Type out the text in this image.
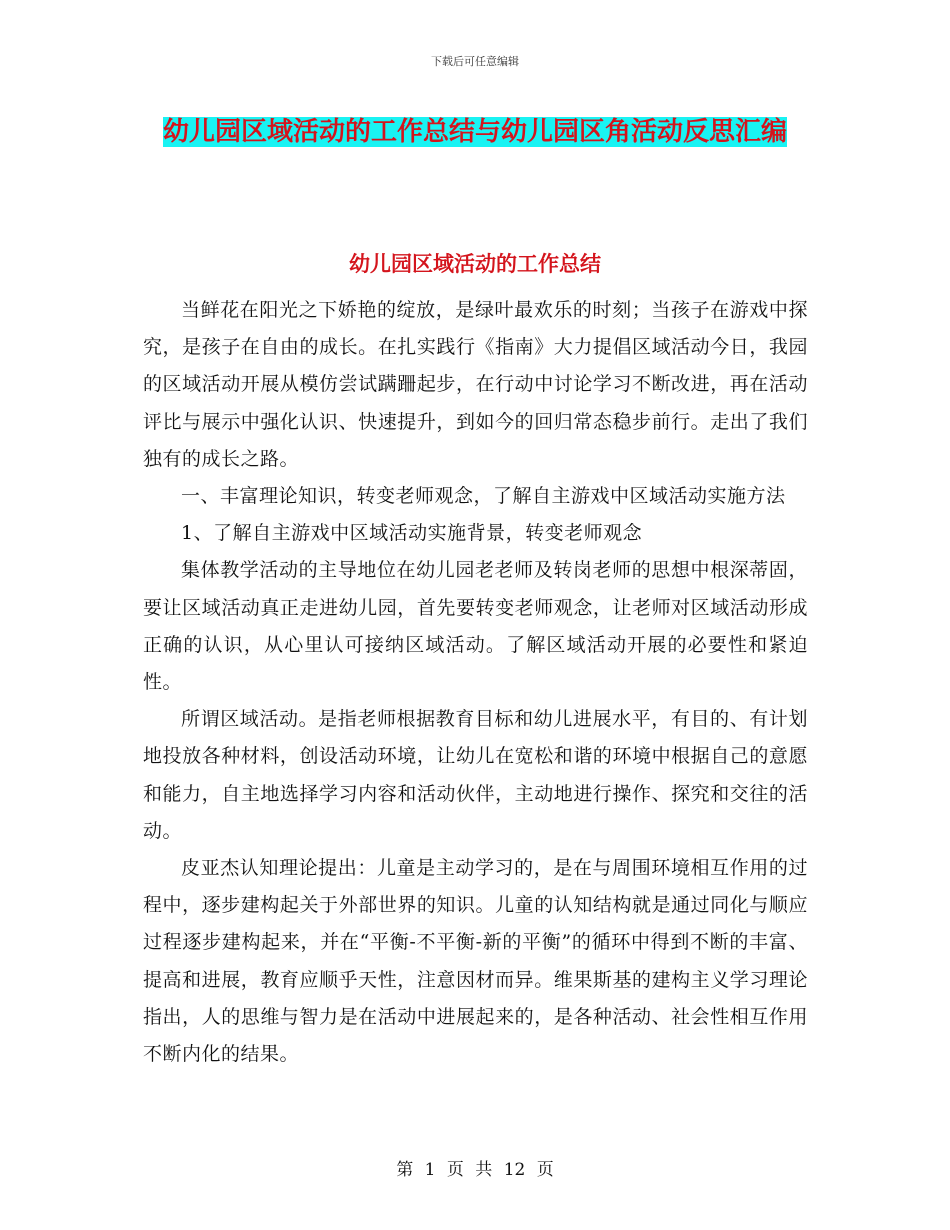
下载后可任意编辑
幼儿园区域活动的工作总结与幼儿园区角活动反思汇编
幼儿园区域活动的工作总结

当鲜花在阳光之下娇艳的绽放，是绿叶最欢乐的时刻；当孩子在游戏中探究，是孩子在自由的成长。在扎实践行《指南》大力提倡区域活动今日，我园的区域活动开展从模仿尝试蹒跚起步，在行动中讨论学习不断改进，再在活动评比与展示中强化认识、快速提升，到如今的回归常态稳步前行。走出了我们独有的成长之路。

一、丰富理论知识，转变老师观念，了解自主游戏中区域活动实施方法

1、了解自主游戏中区域活动实施背景，转变老师观念

集体教学活动的主导地位在幼儿园老老师及转岗老师的思想中根深蒂固，要让区域活动真正走进幼儿园，首先要转变老师观念，让老师对区域活动形成正确的认识，从心里认可接纳区域活动。了解区域活动开展的必要性和紧迫性。

所谓区域活动。是指老师根据教育目标和幼儿进展水平，有目的、有计划地投放各种材料，创设活动环境，让幼儿在宽松和谐的环境中根据自己的意愿和能力，自主地选择学习内容和活动伙伴，主动地进行操作、探究和交往的活动。

皮亚杰认知理论提出：儿童是主动学习的，是在与周围环境相互作用的过程中，逐步建构起关于外部世界的知识。儿童的认知结构就是通过同化与顺应过程逐步建构起来，并在“平衡-不平衡-新的平衡”的循环中得到不断的丰富、提高和进展，教育应顺乎天性，注意因材而异。维果斯基的建构主义学习理论指出，人的思维与智力是在活动中进展起来的，是各种活动、社会性相互作用不断内化的结果。

第 1 页 共 12 页
